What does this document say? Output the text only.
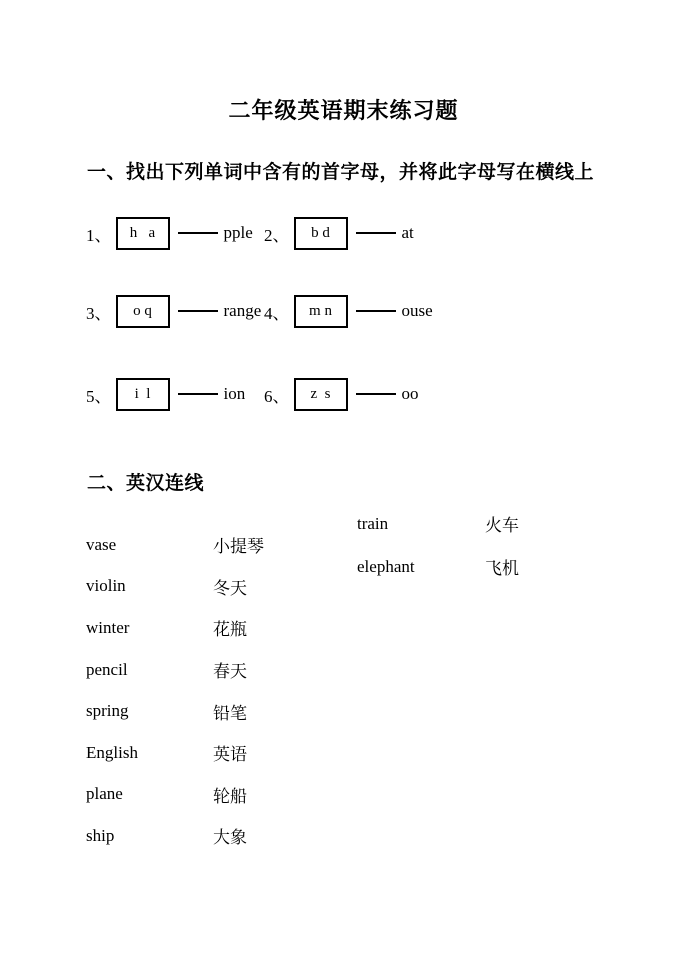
二年级英语期末练习题
一、找出下列单词中含有的首字母，并将此字母写在横线上
1、 h   a	pple 2、 b d	at
3、 o q	range 4、 m n	ouse
5、 i  l	ion 6、 z  s	oo
二、英汉连线
vase	小提琴
violin	冬天
winter	花瓶
pencil	春天
spring	铅笔
English	英语
plane	轮船
ship	大象
train	火车
elephant	飞机
